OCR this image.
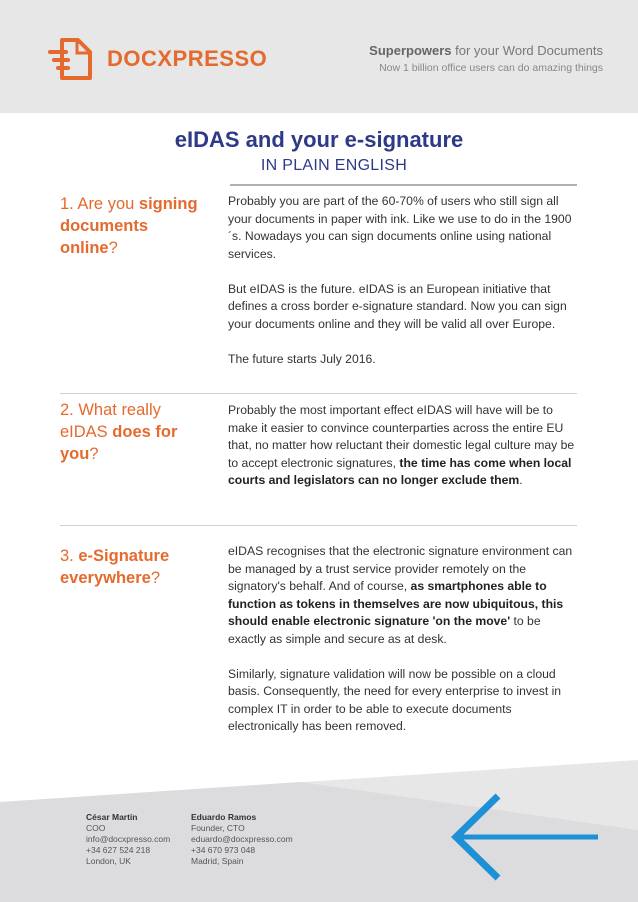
DOCXPRESSO	Superpowers for your Word Documents
Now 1 billion office users can do amazing things
eIDAS and your e-signature
IN PLAIN ENGLISH
1. Are you signing documents online?

Probably you are part of the 60-70% of users who still sign all your documents in paper with ink. Like we use to do in the 1900´s. Nowadays you can sign documents online using national services.

But eIDAS is the future. eIDAS is an European initiative that defines a cross border e-signature standard. Now you can sign your documents online and they will be valid all over Europe.

The future starts July 2016.

2. What really eIDAS does for you?

Probably the most important effect eIDAS will have will be to make it easier to convince counterparties across the entire EU that, no matter how reluctant their domestic legal culture may be to accept electronic signatures, the time has come when local courts and legislators can no longer exclude them.

3. e-Signature everywhere?

eIDAS recognises that the electronic signature environment can be managed by a trust service provider remotely on the signatory's behalf. And of course, as smartphones able to function as tokens in themselves are now ubiquitous, this should enable electronic signature 'on the move' to be exactly as simple and secure as at desk.

Similarly, signature validation will now be possible on a cloud basis. Consequently, the need for every enterprise to invest in complex IT in order to be able to execute documents electronically has been removed.

César Martín
COO
info@docxpresso.com
+34 627 524 218
London, UK
Eduardo Ramos
Founder, CTO
eduardo@docxpresso.com
+34 670 973 048
Madrid, Spain
